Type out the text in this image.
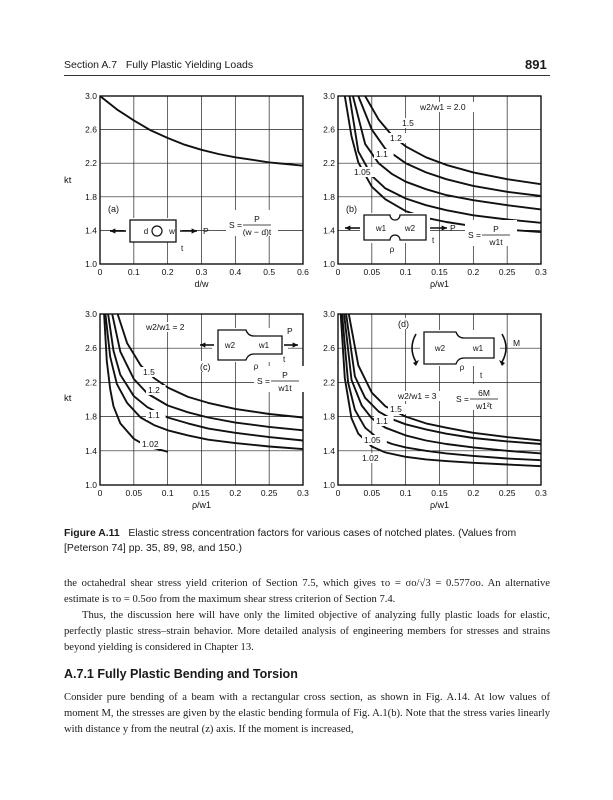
Section A.7 Fully Plastic Yielding Loads	891
0	0.1	0.2	0.3	0.4	0.5	0.6
1.0
1.4
1.8
2.2
2.6
3.0
d/w
(a)
S =
P
(w − d)t
0	0.05 0.1 0.15 0.2 0.25 0.3
1.0
1.4
1.8
2.2
2.6
3.0
ρ/w1
w2/w1 = 2.0
1.5
1.2
1.1
1.05
(b)
S =
P
w1t
0	0.05 0.1 0.15 0.2 0.25 0.3
1.0
1.4
1.8
2.2
2.6
3.0
ρ/w1
w2/w1 = 2
1.5
1.2
1.1
1.02
(c)
S =
P
w1t
0	0.05 0.1 0.15 0.2 0.25 0.3
1.0
1.4
1.8
2.2
2.6
3.0
ρ/w1
w2/w1 = 3
1.5
1.1
1.05
1.02
(d)
S =
6M
w1²t
kt
kt
d	w	P
t
w1 w2	P
ρ
t
w2	w1
P
ρ
t
w2	w1
M
ρ
t
Figure A.11 Elastic stress concentration factors for various cases of notched plates. (Values from [Peterson 74] pp. 35, 89, 98, and 150.)

the octahedral shear stress yield criterion of Section 7.5, which gives τo = σo/√3 = 0.577σo. An alternative estimate is τo = 0.5σo from the maximum shear stress criterion of Section 7.4.

Thus, the discussion here will have only the limited objective of analyzing fully plastic loads for elastic, perfectly plastic stress–strain behavior. More detailed analysis of engineering members for stresses and strains beyond yielding is considered in Chapter 13.

A.7.1 Fully Plastic Bending and Torsion

Consider pure bending of a beam with a rectangular cross section, as shown in Fig. A.14. At low values of moment M, the stresses are given by the elastic bending formula of Fig. A.1(b). Note that the stress varies linearly with distance y from the neutral (z) axis. If the moment is increased,
